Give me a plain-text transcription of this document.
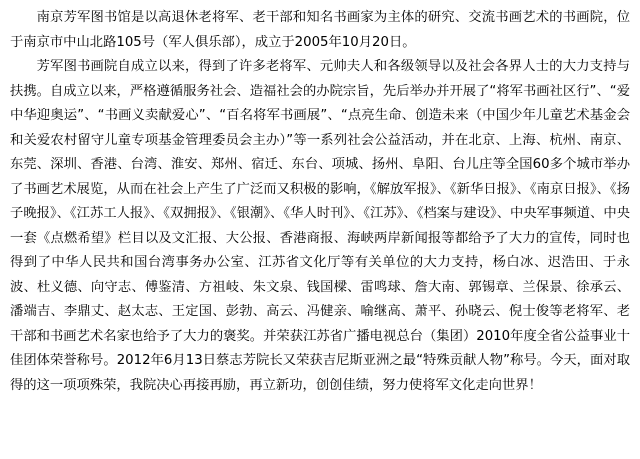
南京芳军图书馆是以高退休老将军、老干部和知名书画家为主体的研究、交流书画艺术的书画院，位于南京市中山北路105号（军人俱乐部），成立于2005年10月20日。

芳军图书画院自成立以来，得到了许多老将军、元帅夫人和各级领导以及社会各界人士的大力支持与扶携。自成立以来，严格遵循服务社会、造福社会的办院宗旨，先后举办并开展了“将军书画社区行”、“爱中华迎奥运”、“书画义卖献爱心”、“百名将军书画展”、“点亮生命、创造未来（中国少年儿童艺术基金会和关爱农村留守儿童专项基金管理委员会主办）”等一系列社会公益活动，并在北京、上海、杭州、南京、东莞、深圳、香港、台湾、淮安、郑州、宿迁、东台、项城、扬州、阜阳、台儿庄等全国60多个城市举办了书画艺术展览，从而在社会上产生了广泛而又积极的影响，《解放军报》、《新华日报》、《南京日报》、《扬子晚报》、《江苏工人报》、《双拥报》、《银潮》、《华人时刊》、《江苏》、《档案与建设》、中央军事频道、中央一套《点燃希望》栏目以及文汇报、大公报、香港商报、海峡两岸新闻报等都给予了大力的宣传，同时也得到了中华人民共和国台湾事务办公室、江苏省文化厅等有关单位的大力支持，杨白冰、迟浩田、于永波、杜义德、向守志、傅鉴清、方祖岐、朱文泉、钱国樑、雷鸣球、詹大南、郭锡章、兰保景、徐承云、潘端吉、李鼎丈、赵太志、王定国、彭勃、高云、冯健亲、喻继高、萧平、孙晓云、倪士俊等老将军、老干部和书画艺术名家也给予了大力的褒奖。并荣获江苏省广播电视总台（集团）2010年度全省公益事业十佳团体荣誉称号。2012年6月13日蔡志芳院长又荣获吉尼斯亚洲之最“特殊贡献人物”称号。今天，面对取得的这一项项殊荣，我院决心再接再励，再立新功，创创佳绩，努力使将军文化走向世界！
